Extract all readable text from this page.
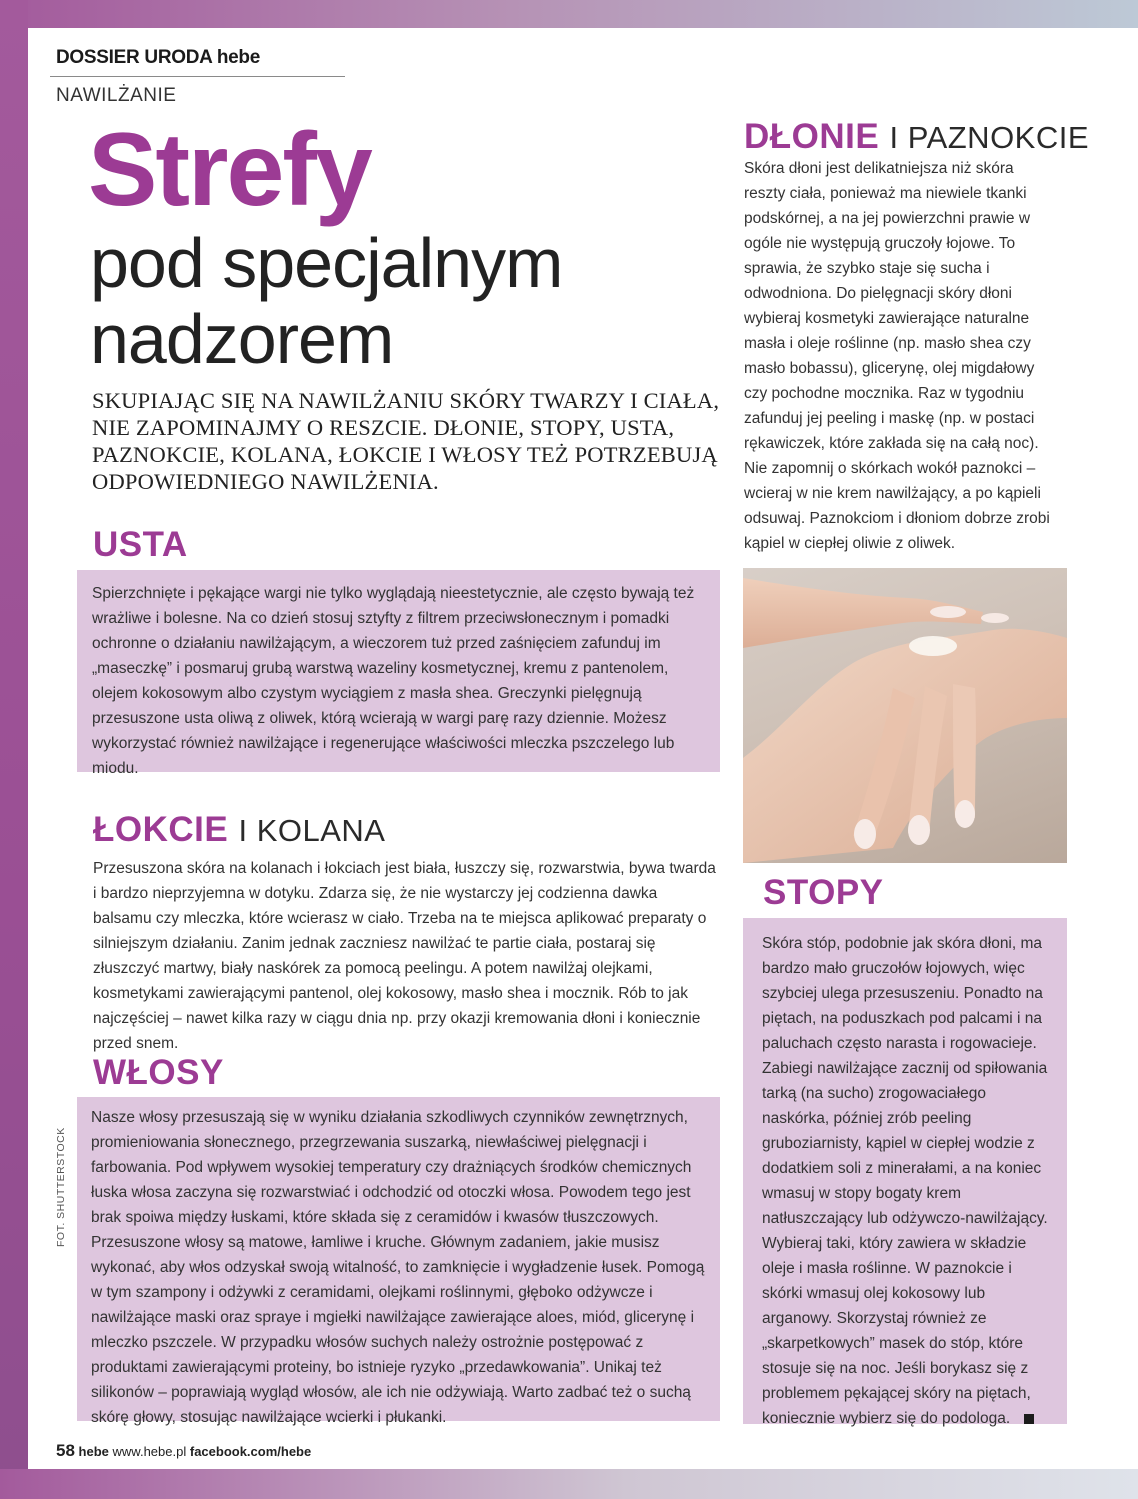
DOSSIER URODA hebe
NAWILŻANIE
Strefy
pod specjalnym nadzorem
SKUPIAJĄC SIĘ NA NAWILŻANIU SKÓRY TWARZY I CIAŁA, NIE ZAPOMINAJMY O RESZCIE. DŁONIE, STOPY, USTA, PAZNOKCIE, KOLANA, ŁOKCIE I WŁOSY TEŻ POTRZEBUJĄ ODPOWIEDNIEGO NAWILŻENIA.
USTA
Spierzchnięte i pękające wargi nie tylko wyglądają nieestetycznie, ale często bywają też wrażliwe i bolesne. Na co dzień stosuj sztyfty z filtrem przeciwsłonecznym i pomadki ochronne o działaniu nawilżającym, a wieczorem tuż przed zaśnięciem zafunduj im „maseczkę” i posmaruj grubą warstwą wazeliny kosmetycznej, kremu z pantenolem, olejem kokosowym albo czystym wyciągiem z masła shea. Greczynki pielęgnują przesuszone usta oliwą z oliwek, którą wcierają w wargi parę razy dziennie. Możesz wykorzystać również nawilżające i regenerujące właściwości mleczka pszczelego lub miodu.
ŁOKCIE I KOLANA
Przesuszona skóra na kolanach i łokciach jest biała, łuszczy się, rozwarstwia, bywa twarda i bardzo nieprzyjemna w dotyku. Zdarza się, że nie wystarczy jej codzienna dawka balsamu czy mleczka, które wcierasz w ciało. Trzeba na te miejsca aplikować preparaty o silniejszym działaniu. Zanim jednak zaczniesz nawilżać te partie ciała, postaraj się złuszczyć martwy, biały naskórek za pomocą peelingu. A potem nawilżaj olejkami, kosmetykami zawierającymi pantenol, olej kokosowy, masło shea i mocznik. Rób to jak najczęściej – nawet kilka razy w ciągu dnia np. przy okazji kremowania dłoni i koniecznie przed snem.
WŁOSY
Nasze włosy przesuszają się w wyniku działania szkodliwych czynników zewnętrznych, promieniowania słonecznego, przegrzewania suszarką, niewłaściwej pielęgnacji i farbowania. Pod wpływem wysokiej temperatury czy drażniących środków chemicznych łuska włosa zaczyna się rozwarstwiać i odchodzić od otoczki włosa. Powodem tego jest brak spoiwa między łuskami, które składa się z ceramidów i kwasów tłuszczowych. Przesuszone włosy są matowe, łamliwe i kruche. Głównym zadaniem, jakie musisz wykonać, aby włos odzyskał swoją witalność, to zamknięcie i wygładzenie łusek. Pomogą w tym szampony i odżywki z ceramidami, olejkami roślinnymi, głęboko odżywcze i nawilżające maski oraz spraye i mgiełki nawilżające zawierające aloes, miód, glicerynę i mleczko pszczele. W przypadku włosów suchych należy ostrożnie postępować z produktami zawierającymi proteiny, bo istnieje ryzyko „przedawkowania”. Unikaj też silikonów – poprawiają wygląd włosów, ale ich nie odżywiają. Warto zadbać też o suchą skórę głowy, stosując nawilżające wcierki i płukanki.
DŁONIE I PAZNOKCIE
Skóra dłoni jest delikatniejsza niż skóra reszty ciała, ponieważ ma niewiele tkanki podskórnej, a na jej powierzchni prawie w ogóle nie występują gruczoły łojowe. To sprawia, że szybko staje się sucha i odwodniona. Do pielęgnacji skóry dłoni wybieraj kosmetyki zawierające naturalne masła i oleje roślinne (np. masło shea czy masło bobassu), glicerynę, olej migdałowy czy pochodne mocznika. Raz w tygodniu zafunduj jej peeling i maskę (np. w postaci rękawiczek, które zakłada się na całą noc). Nie zapomnij o skórkach wokół paznokci – wcieraj w nie krem nawilżający, a po kąpieli odsuwaj. Paznokciom i dłoniom dobrze zrobi kąpiel w ciepłej oliwie z oliwek.
STOPY
Skóra stóp, podobnie jak skóra dłoni, ma bardzo mało gruczołów łojowych, więc szybciej ulega przesuszeniu. Ponadto na piętach, na poduszkach pod palcami i na paluchach często narasta i rogowacieje. Zabiegi nawilżające zacznij od spiłowania tarką (na sucho) zrogowaciałego naskórka, później zrób peeling gruboziarnisty, kąpiel w ciepłej wodzie z dodatkiem soli z minerałami, a na koniec wmasuj w stopy bogaty krem natłuszczający lub odżywczo-nawilżający. Wybieraj taki, który zawiera w składzie oleje i masła roślinne. W paznokcie i skórki wmasuj olej kokosowy lub arganowy. Skorzystaj również ze „skarpetkowych” masek do stóp, które stosuje się na noc. Jeśli borykasz się z problemem pękającej skóry na piętach, koniecznie wybierz się do podologa.
FOT. SHUTTERSTOCK
58 hebe www.hebe.pl facebook.com/hebe
